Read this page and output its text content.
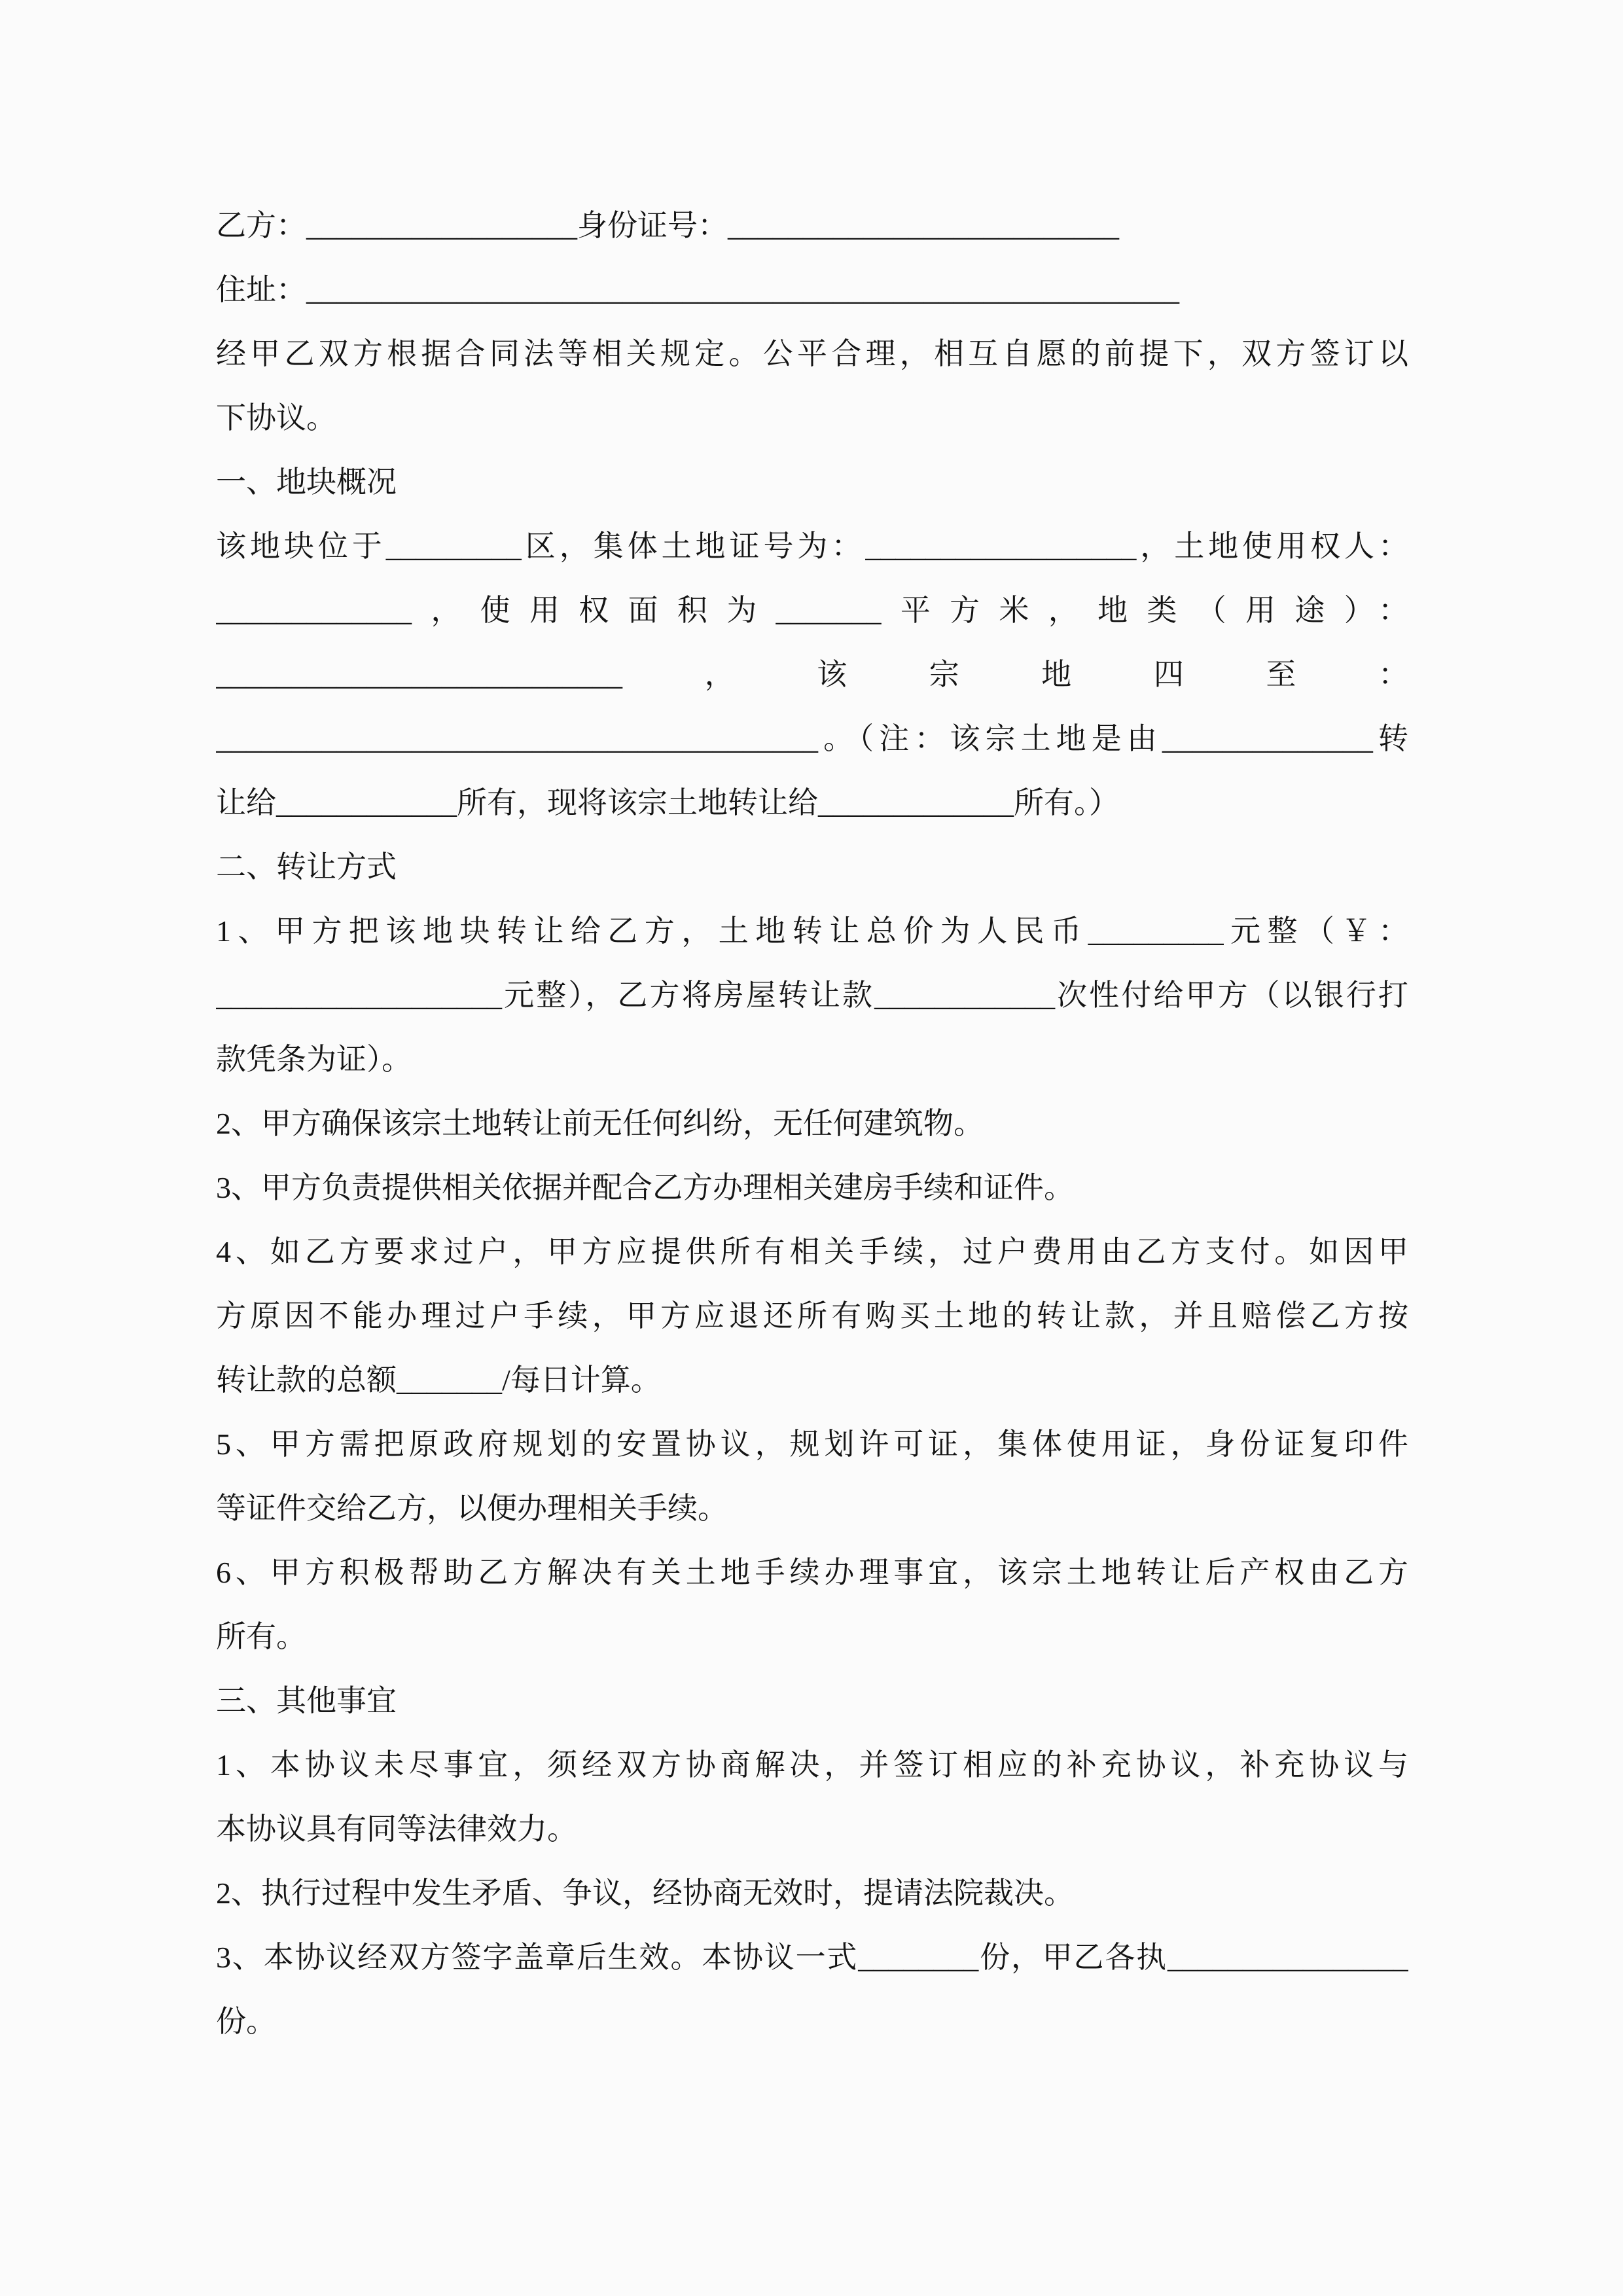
乙方：__________________身份证号：__________________________
住址：__________________________________________________________
经甲乙双方根据合同法等相关规定。公平合理，相互自愿的前提下，双方签订以
下协议。
一、地块概况
该地块位于_________区，集体土地证号为：__________________，土地使用权人：
_____________，使用权面积为_______平方米，地类（用途）：
___________________________，该宗地四至：
________________________________________。（注：该宗土地是由______________转
让给____________所有，现将该宗土地转让给_____________所有。）
二、转让方式
1、甲方把该地块转让给乙方，土地转让总价为人民币_________元整（￥：
___________________元整），乙方将房屋转让款____________次性付给甲方（以银行打
款凭条为证）。
2、甲方确保该宗土地转让前无任何纠纷，无任何建筑物。
3、甲方负责提供相关依据并配合乙方办理相关建房手续和证件。
4、如乙方要求过户，甲方应提供所有相关手续，过户费用由乙方支付。如因甲
方原因不能办理过户手续，甲方应退还所有购买土地的转让款，并且赔偿乙方按
转让款的总额_______/每日计算。
5、甲方需把原政府规划的安置协议，规划许可证，集体使用证，身份证复印件
等证件交给乙方，以便办理相关手续。
6、甲方积极帮助乙方解决有关土地手续办理事宜，该宗土地转让后产权由乙方
所有。
三、其他事宜
1、本协议未尽事宜，须经双方协商解决，并签订相应的补充协议，补充协议与
本协议具有同等法律效力。
2、执行过程中发生矛盾、争议，经协商无效时，提请法院裁决。
3、本协议经双方签字盖章后生效。本协议一式________份，甲乙各执________________
份。
